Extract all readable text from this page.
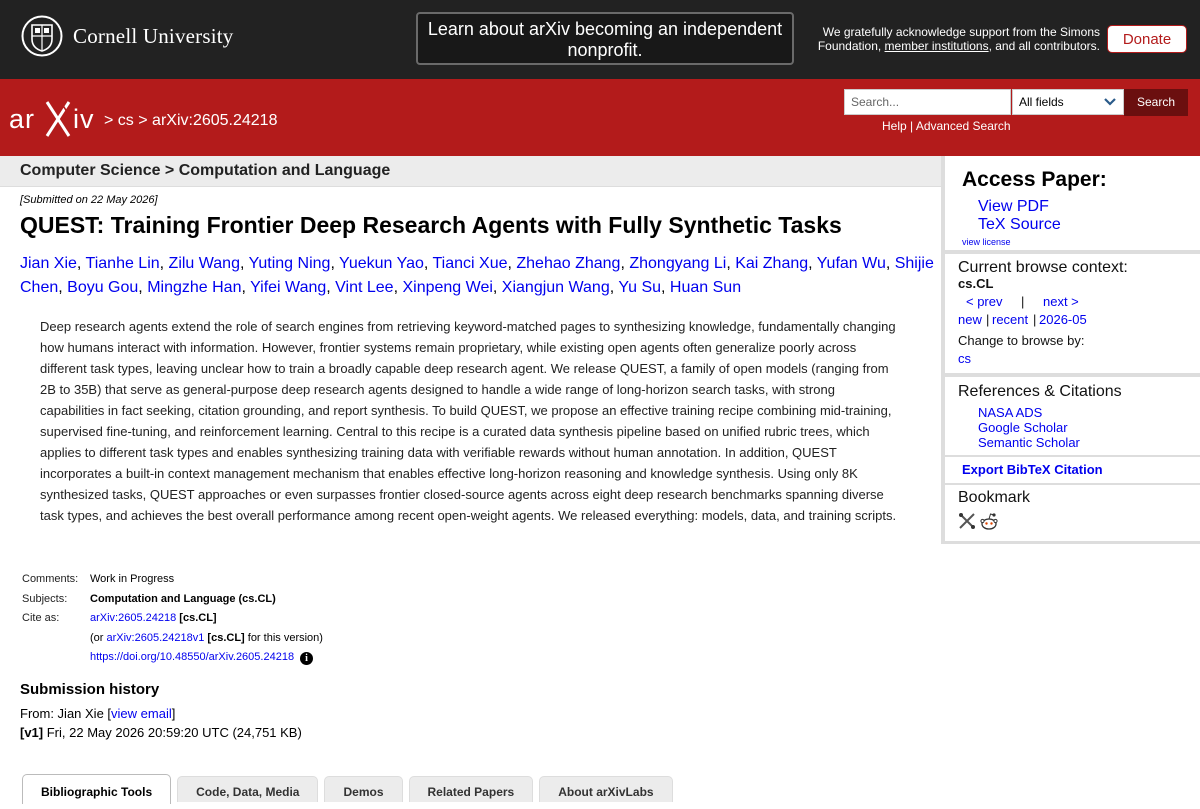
Cornell University	Learn about arXiv becoming an independent nonprofit.
We gratefully acknowledge support from the Simons Foundation, member institutions, and all contributors.	Donate
ar iv > cs > arXiv:2605.24218
Search...
All fields	Search
Help | Advanced Search
Computer Science > Computation and Language
[Submitted on 22 May 2026]
QUEST: Training Frontier Deep Research Agents with Fully Synthetic Tasks
Jian Xie, Tianhe Lin, Zilu Wang, Yuting Ning, Yuekun Yao, Tianci Xue, Zhehao Zhang, Zhongyang Li, Kai Zhang, Yufan Wu, Shijie Chen, Boyu Gou, Mingzhe Han, Yifei Wang, Vint Lee, Xinpeng Wei, Xiangjun Wang, Yu Su, Huan Sun
Deep research agents extend the role of search engines from retrieving keyword-matched pages to synthesizing knowledge, fundamentally changing how humans interact with information. However, frontier systems remain proprietary, while existing open agents often generalize poorly across different task types, leaving unclear how to train a broadly capable deep research agent. We release QUEST, a family of open models (ranging from 2B to 35B) that serve as general-purpose deep research agents designed to handle a wide range of long-horizon search tasks, with strong capabilities in fact seeking, citation grounding, and report synthesis. To build QUEST, we propose an effective training recipe combining mid-training, supervised fine-tuning, and reinforcement learning. Central to this recipe is a curated data synthesis pipeline based on unified rubric trees, which applies to different task types and enables synthesizing training data with verifiable rewards without human annotation. In addition, QUEST incorporates a built-in context management mechanism that enables effective long-horizon reasoning and knowledge synthesis. Using only 8K synthesized tasks, QUEST approaches or even surpasses frontier closed-source agents across eight deep research benchmarks spanning diverse task types, and achieves the best overall performance among recent open-weight agents. We released everything: models, data, and training scripts.
Comments:	Work in Progress
Subjects:	Computation and Language (cs.CL)
Cite as:	arXiv:2605.24218 [cs.CL]
(or arXiv:2605.24218v1 [cs.CL] for this version)
https://doi.org/10.48550/arXiv.2605.24218 i
Submission history
From: Jian Xie [view email]
[v1] Fri, 22 May 2026 20:59:20 UTC (24,751 KB)
Bibliographic Tools	Code, Data, Media	Demos	Related Papers	About arXivLabs
Access Paper:
View PDF
TeX Source
view license
Current browse context:
cs.CL
< prev | next >
new | recent | 2026-05
Change to browse by:
cs
References & Citations
NASA ADS
Google Scholar
Semantic Scholar
Export BibTeX Citation
Bookmark
